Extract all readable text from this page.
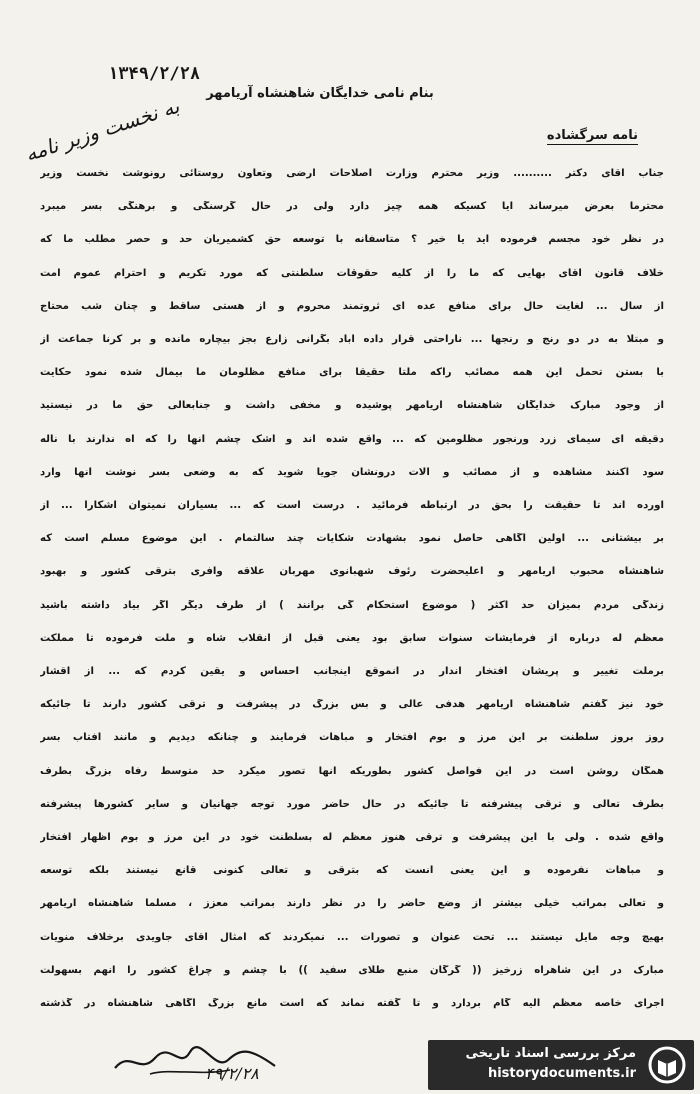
۱۳۴۹/۲/۲۸
بنام نامی خدایگان شاهنشاه آریامهر
به نخست وزیر نامه	نامه سرگشاده
جناب آقای دکتر .......... وزیر محترم وزارت اصلاحات ارضی وتعاون روستائی رونوشت نخست وزیر
محترما بعرض میرساند آیا کسیکه همه چیز دارد ولی در حال گرسنگی و برهنگی بسر میبرد
در نظر خود مجسم فرموده اید یا خیر ؟ متاسفانه با توسعه حق کشمیریان حد و حصر مطلب ما که
خلاف قانون آقای بهایی که ما را از کلیه حقوقات سلطنتی که مورد تکریم و احترام عموم امت
از سال ... لغایت حال برای منافع عده ای ثروتمند محروم و از هستی ساقط و چنان شب محتاج
و مبتلا به در دو رنج و رنجها ... ناراحتی قرار داده آباد بگرانی زارع بجز بیچاره مانده و بر کرنا جماعت از
با بستن تحمل این همه مصائب راکه ملتا حقیقا برای منافع مظلومان ما بیمال شده نمود حکایت
از وجود مبارک خدایگان شاهنشاه آریامهر پوشیده و مخفی داشت و جنابعالی حق ما در نیستید
دقیقه ای سیمای زرد ورنجور مظلومین که ... واقع شده اند و اشک چشم آنها را که آه ندارند با ناله
سود اکنند مشاهده و از مصائب و آلات درونشان جویا شوید که به وضعی بسر نوشت آنها وارد
آورده اند تا حقیقت را بحق در ارتباطه فرمائید . درست است که ... بسیاران نمیتوان آشکارا ... از
بر بیشتانی ... اولین آگاهی حاصل نمود بشهادت شکایات چند سالتمام . این موضوع مسلم است که
شاهنشاه محبوب آریامهر و اعلیحضرت رئوف شهبانوی مهربان علاقه وافری بترقی کشور و بهبود
زندگی مردم بمیزان حد اکثر ( موضوع استحکام گی برآنند ) از طرف دیگر اگر بیاد داشته باشید
معظم له درباره از فرمایشات سنوات سابق بود یعنی قبل از انقلاب شاه و ملت فرموده تا مملکت
برملت تغییر و پریشان افتخار اندار در آنموقع اینجانب احساس و یقین کردم که ... از اقشار
خود نیز گفتم شاهنشاه آریامهر هدفی عالی و بس بزرگ در پیشرفت و ترقی کشور دارند تا جائیکه
روز بروز سلطنت بر این مرز و بوم افتخار و مباهات فرمایند و چنانکه دیدیم و مانند آفتاب بسر
همگان روشن است در این فواصل کشور بطوریکه آنها تصور میکرد حد متوسط رفاه بزرگ بطرف
بطرف تعالی و ترقی پیشرفته تا جائیکه در حال حاضر مورد توجه جهانیان و سایر کشورها پیشرفته
واقع شده . ولی با این پیشرفت و ترقی هنوز معظم له بسلطنت خود در این مرز و بوم اظهار افتخار
و مباهات نفرموده و این یعنی آنست که بترقی و تعالی کنونی قانع نیستند بلکه توسعه
و تعالی بمراتب خیلی بیشتر از وضع حاضر را در نظر دارند بمراتب معزز ، مسلما شاهنشاه آریامهر
بهیچ وجه مایل نیستند ... تحت عنوان و تصورات ... نمیکردند که امثال آقای جاویدی برخلاف منویات
مبارک در این شاهراه زرخیز (( گرگان منبع طلای سفید )) با چشم و چراغ کشور را آنهم بسهولت
اجرای خاصه معظم الیه گام بردارد و تا گفته نماند که است مانع بزرگ آگاهی شاهنشاه در گذشته
۴۹/۲/۲۸
مرکز بررسی اسناد تاریخی
historydocuments.ir
